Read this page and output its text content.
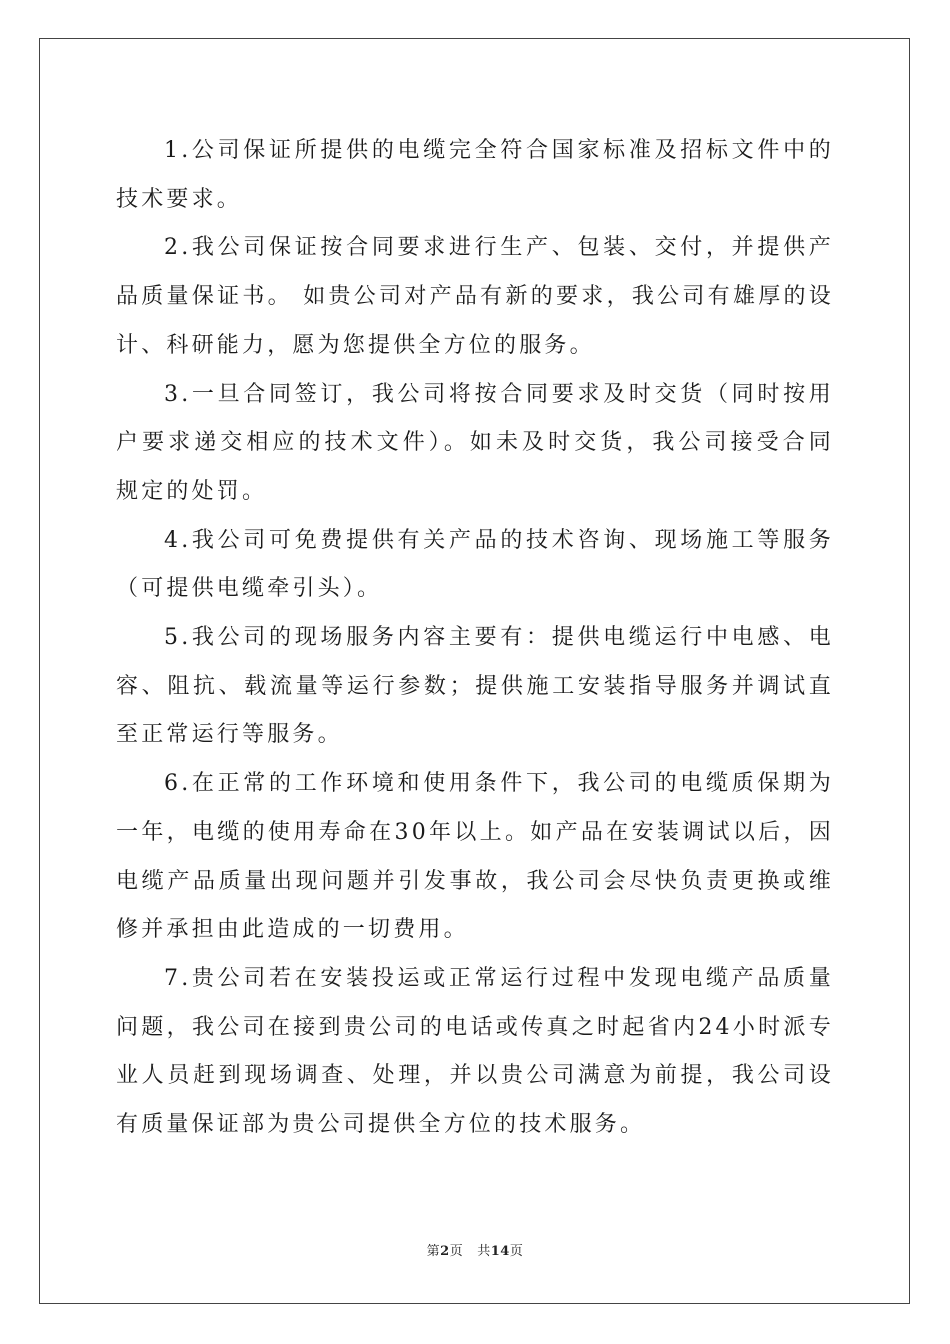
1.公司保证所提供的电缆完全符合国家标准及招标文件中的技术要求。

2.我公司保证按合同要求进行生产、包装、交付，并提供产品质量保证书。 如贵公司对产品有新的要求，我公司有雄厚的设计、科研能力，愿为您提供全方位的服务。

3.一旦合同签订，我公司将按合同要求及时交货（同时按用户要求递交相应的技术文件）。如未及时交货，我公司接受合同规定的处罚。

4.我公司可免费提供有关产品的技术咨询、现场施工等服务（可提供电缆牵引头）。

5.我公司的现场服务内容主要有：提供电缆运行中电感、电容、阻抗、载流量等运行参数；提供施工安装指导服务并调试直至正常运行等服务。

6.在正常的工作环境和使用条件下，我公司的电缆质保期为一年，电缆的使用寿命在30年以上。如产品在安装调试以后，因电缆产品质量出现问题并引发事故，我公司会尽快负责更换或维修并承担由此造成的一切费用。

7.贵公司若在安装投运或正常运行过程中发现电缆产品质量问题，我公司在接到贵公司的电话或传真之时起省内24小时派专业人员赶到现场调查、处理，并以贵公司满意为前提，我公司设有质量保证部为贵公司提供全方位的技术服务。

第2页 共14页
